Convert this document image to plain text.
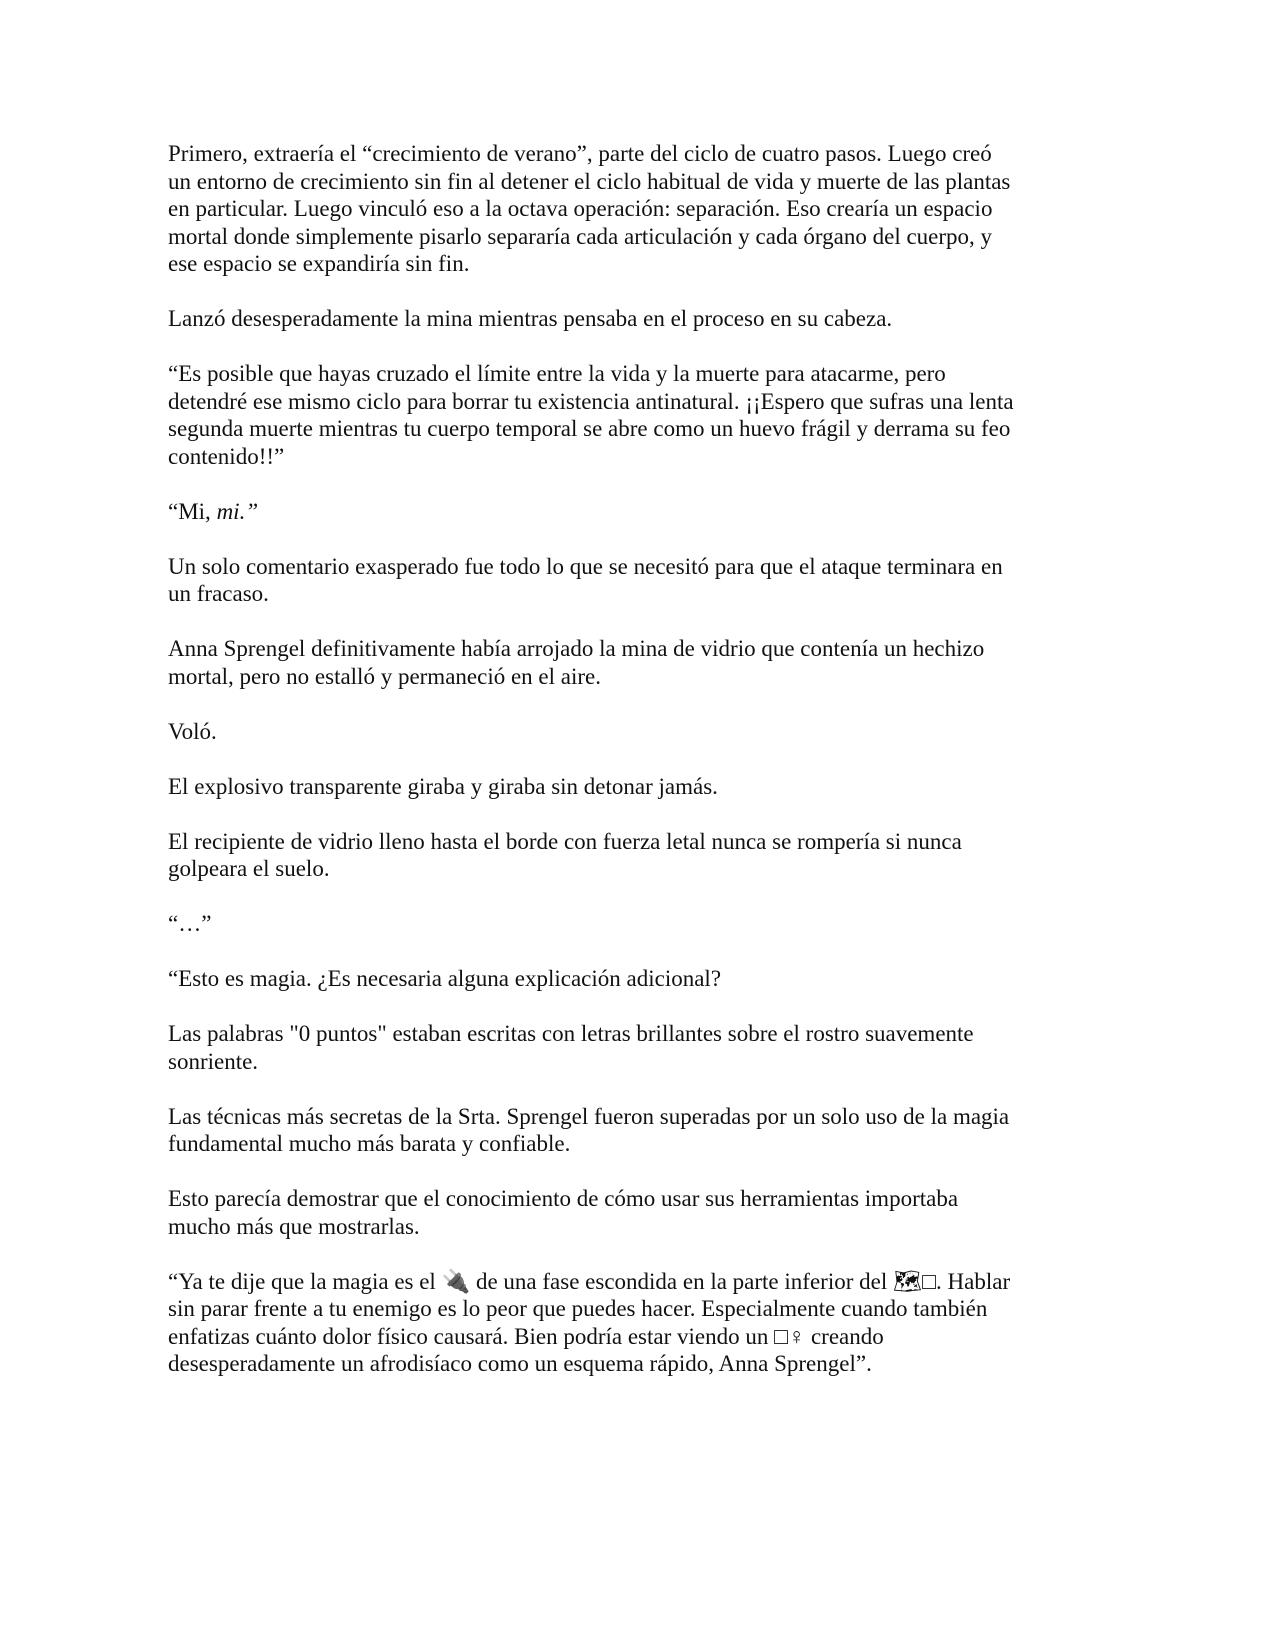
Primero, extraería el “crecimiento de verano”, parte del ciclo de cuatro pasos. Luego creó
un entorno de crecimiento sin fin al detener el ciclo habitual de vida y muerte de las plantas
en particular. Luego vinculó eso a la octava operación: separación. Eso crearía un espacio
mortal donde simplemente pisarlo separaría cada articulación y cada órgano del cuerpo, y
ese espacio se expandiría sin fin.

Lanzó desesperadamente la mina mientras pensaba en el proceso en su cabeza.

“Es posible que hayas cruzado el límite entre la vida y la muerte para atacarme, pero
detendré ese mismo ciclo para borrar tu existencia antinatural. ¡¡Espero que sufras una lenta
segunda muerte mientras tu cuerpo temporal se abre como un huevo frágil y derrama su feo
contenido!!”

“Mi, mi.”

Un solo comentario exasperado fue todo lo que se necesitó para que el ataque terminara en
un fracaso.

Anna Sprengel definitivamente había arrojado la mina de vidrio que contenía un hechizo
mortal, pero no estalló y permaneció en el aire.

Voló.

El explosivo transparente giraba y giraba sin detonar jamás.

El recipiente de vidrio lleno hasta el borde con fuerza letal nunca se rompería si nunca
golpeara el suelo.

“…”

“Esto es magia. ¿Es necesaria alguna explicación adicional?

Las palabras "0 puntos" estaban escritas con letras brillantes sobre el rostro suavemente
sonriente.

Las técnicas más secretas de la Srta. Sprengel fueron superadas por un solo uso de la magia
fundamental mucho más barata y confiable.

Esto parecía demostrar que el conocimiento de cómo usar sus herramientas importaba
mucho más que mostrarlas.

“Ya te dije que la magia es el 🔌 de una fase escondida en la parte inferior del 🗺□. Hablar
sin parar frente a tu enemigo es lo peor que puedes hacer. Especialmente cuando también
enfatizas cuánto dolor físico causará. Bien podría estar viendo un □♀ creando
desesperadamente un afrodisíaco como un esquema rápido, Anna Sprengel”.
